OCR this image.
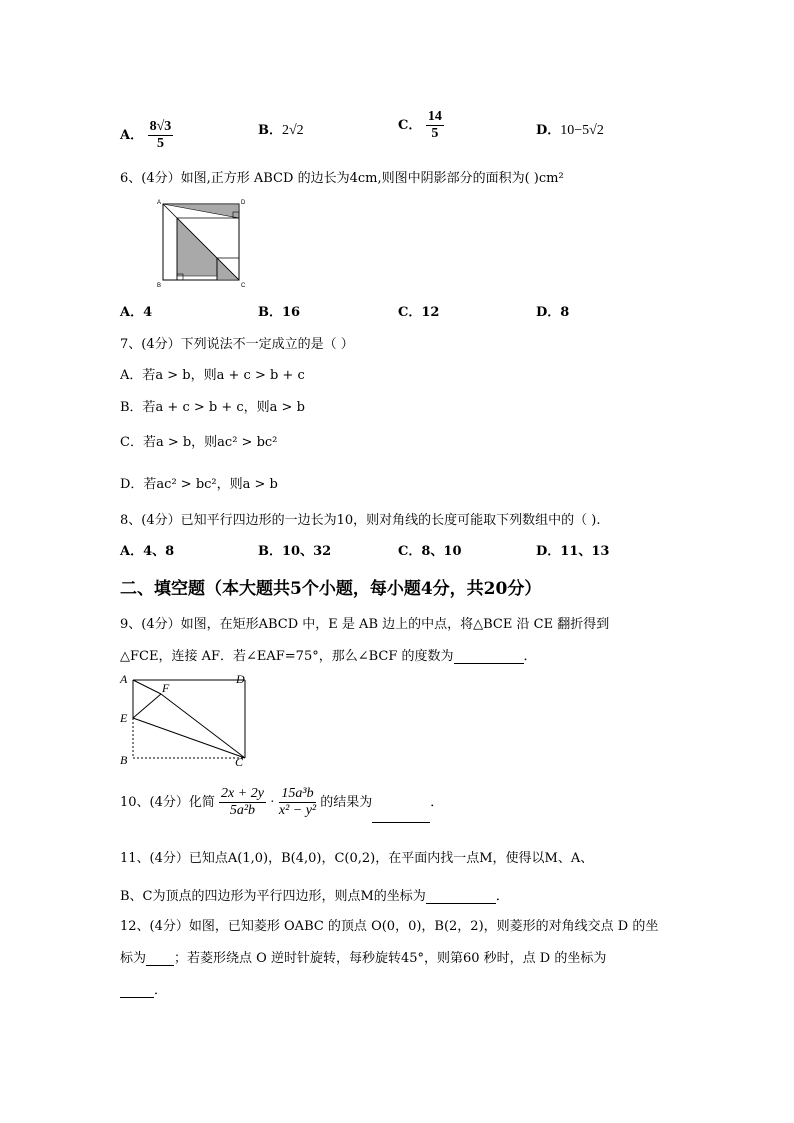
A． $\frac{8√3}{5}$	B．2√2	C． $\frac{14}{5}$	D．10−5√2
6、(4分）如图,正方形 ABCD 的边长为4cm,则图中阴影部分的面积为( )cm²
A	D
B	C
A．4	B．16	C．12	D．8
7、(4分）下列说法不一定成立的是（ ）
A．若a > b，则a + c > b + c
B．若a + c > b + c，则a > b
C．若a > b，则ac² > bc²
D．若ac² > bc²，则a > b
8、(4分）已知平行四边形的一边长为10，则对角线的长度可能取下列数组中的（ ).
A．4、8	B．10、32	C．8、10	D．11、13
二、填空题（本大题共5个小题，每小题4分，共20分）
9、(4分）如图，在矩形ABCD 中，E 是 AB 边上的中点，将△BCE 沿 CE 翻折得到
△FCE，连接 AF．若∠EAF=75°，那么∠BCF 的度数为	．
A	D
F
E
B	C
10、(4分）化简 $\frac{2x + 2y}{\text{5a²b}} \cdot \frac{\text{15a³b}}{\text{x² − y²}}$ 的结果为	．
11、(4分）已知点A(1,0)，B(4,0)，C(0,2)，在平面内找一点M，使得以M、A、
B、C为顶点的四边形为平行四边形，则点M的坐标为	．
12、(4分）如图，已知菱形 OABC 的顶点 O(0，0)，B(2，2)，则菱形的对角线交点 D 的坐
标为 ；若菱形绕点 O 逆时针旋转，每秒旋转45°，则第60 秒时，点 D 的坐标为
．
